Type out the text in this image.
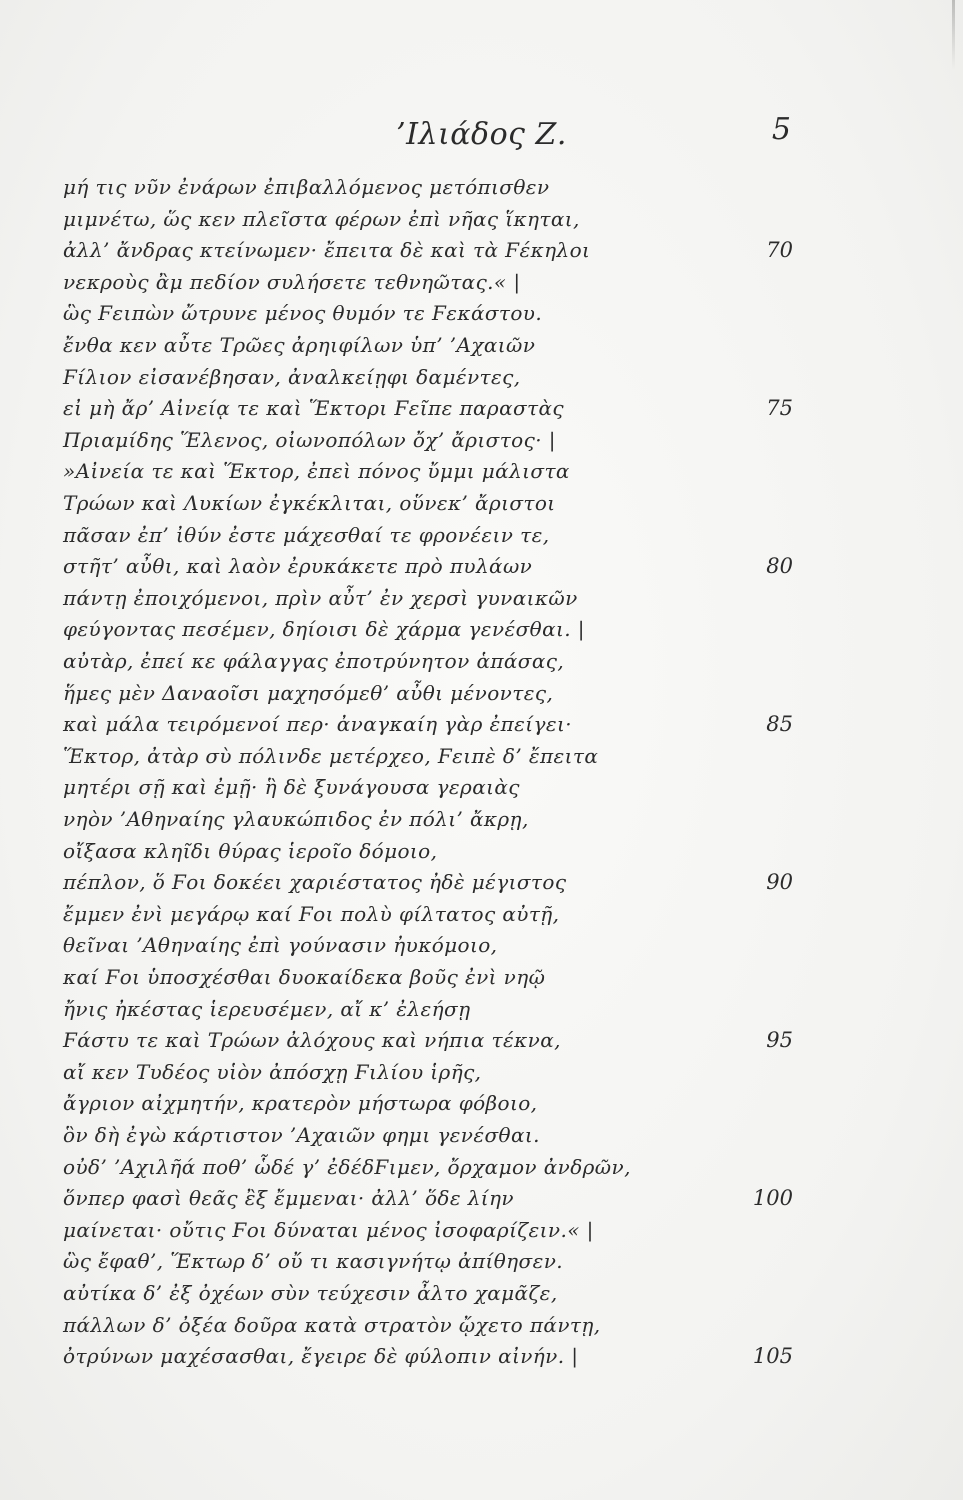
’Ιλιάδος Ζ.	5
μή τις νῦν ἐνάρων ἐπιβαλλόμενος μετόπισθεν
μιμνέτω, ὥς κεν πλεῖστα φέρων ἐπὶ νῆας ἵκηται,
ἀλλ’ ἄνδρας κτείνωμεν· ἔπειτα δὲ καὶ τὰ Ϝέκηλοι
νεκροὺς ἂμ πεδίον συλήσετε τεθνηῶτας.« |
ὣς Ϝειπὼν ὤτρυνε μένος θυμόν τε Ϝεκάστου.
ἔνθα κεν αὖτε Τρῶες ἀρηιφίλων ὑπ’ ’Αχαιῶν
Ϝίλιον εἰσανέβησαν, ἀναλκείῃφι δαμέντες,
εἰ μὴ ἄρ’ Αἰνείᾳ τε καὶ Ἕκτορι Ϝεῖπε παραστὰς
Πριαμίδης Ἕλενος, οἰωνοπόλων ὄχ’ ἄριστος· |
»Αἰνεία τε καὶ Ἕκτορ, ἐπεὶ πόνος ὔμμι μάλιστα
Τρώων καὶ Λυκίων ἐγκέκλιται, οὕνεκ’ ἄριστοι
πᾶσαν ἐπ’ ἰθύν ἐστε μάχεσθαί τε φρονέειν τε,
στῆτ’ αὖθι, καὶ λαὸν ἐρυκάκετε πρὸ πυλάων
πάντῃ ἐποιχόμενοι, πρὶν αὖτ’ ἐν χερσὶ γυναικῶν
φεύγοντας πεσέμεν, δηίοισι δὲ χάρμα γενέσθαι. |
αὐτὰρ, ἐπεί κε φάλαγγας ἐποτρύνητον ἁπάσας,
ἥμες μὲν Δαναοῖσι μαχησόμεθ’ αὖθι μένοντες,
καὶ μάλα τειρόμενοί περ· ἀναγκαίη γὰρ ἐπείγει·
Ἕκτορ, ἀτὰρ σὺ πόλινδε μετέρχεο, Ϝειπὲ δ’ ἔπειτα
μητέρι σῇ καὶ ἐμῇ· ἣ δὲ ξυνάγουσα γεραιὰς
νηὸν ’Αθηναίης γλαυκώπιδος ἐν πόλι’ ἄκρῃ,
οἴξασα κληῖδι θύρας ἱεροῖο δόμοιο,
πέπλον, ὅ Ϝοι δοκέει χαριέστατος ἠδὲ μέγιστος
ἔμμεν ἐνὶ μεγάρῳ καί Ϝοι πολὺ φίλτατος αὐτῇ,
θεῖναι ’Αθηναίης ἐπὶ γούνασιν ἠυκόμοιο,
καί Ϝοι ὑποσχέσθαι δυοκαίδεκα βοῦς ἐνὶ νηῷ
ἤνις ἠκέστας ἱερευσέμεν, αἴ κ’ ἐλεήσῃ
Ϝάστυ τε καὶ Τρώων ἀλόχους καὶ νήπια τέκνα,
αἴ κεν Τυδέος υἱὸν ἀπόσχῃ Ϝιλίου ἱρῆς,
ἄγριον αἰχμητήν, κρατερὸν μήστωρα φόβοιο,
ὃν δὴ ἐγὼ κάρτιστον ’Αχαιῶν φημι γενέσθαι.
οὐδ’ ’Αχιλῆά ποθ’ ὧδέ γ’ ἐδέδϜιμεν, ὄρχαμον ἀνδρῶν,
ὅνπερ φασὶ θεᾶς ἒξ ἔμμεναι· ἀλλ’ ὅδε λίην
μαίνεται· οὔτις Ϝοι δύναται μένος ἰσοφαρίζειν.« |
ὣς ἔφαθ’, Ἕκτωρ δ’ οὔ τι κασιγνήτῳ ἀπίθησεν.
αὐτίκα δ’ ἐξ ὀχέων σὺν τεύχεσιν ἆλτο χαμᾶζε,
πάλλων δ’ ὀξέα δοῦρα κατὰ στρατὸν ᾤχετο πάντῃ,
ὀτρύνων μαχέσασθαι, ἔγειρε δὲ φύλοπιν αἰνήν. |
70
75
80
85
90
95
100
105
